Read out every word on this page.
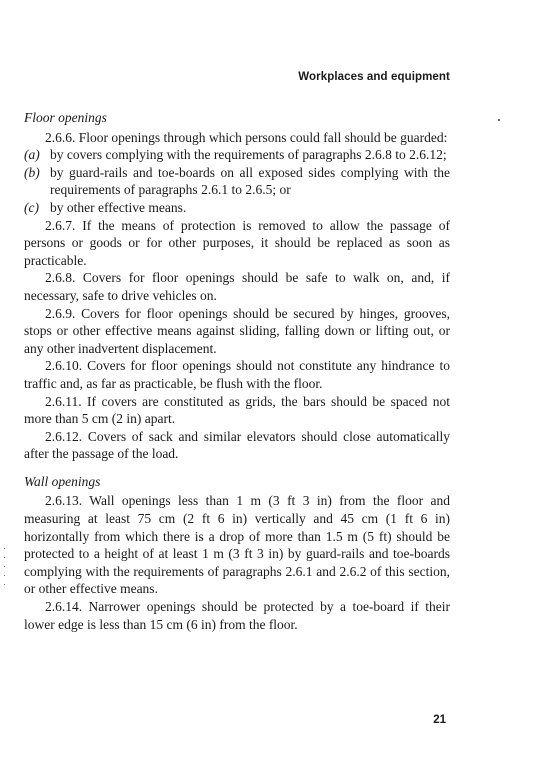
Workplaces and equipment

Floor openings

2.6.6. Floor openings through which persons could fall should be guarded:

(a) by covers complying with the requirements of paragraphs 2.6.8 to 2.6.12;

(b) by guard-rails and toe-boards on all exposed sides complying with the requirements of paragraphs 2.6.1 to 2.6.5; or

(c) by other effective means.

2.6.7. If the means of protection is removed to allow the passage of persons or goods or for other purposes, it should be replaced as soon as practicable.

2.6.8. Covers for floor openings should be safe to walk on, and, if necessary, safe to drive vehicles on.

2.6.9. Covers for floor openings should be secured by hinges, grooves, stops or other effective means against sliding, falling down or lifting out, or any other inadvertent displacement.

2.6.10. Covers for floor openings should not constitute any hindrance to traffic and, as far as practicable, be flush with the floor.

2.6.11. If covers are constituted as grids, the bars should be spaced not more than 5 cm (2 in) apart.

2.6.12. Covers of sack and similar elevators should close automatically after the passage of the load.

Wall openings

2.6.13. Wall openings less than 1 m (3 ft 3 in) from the floor and measuring at least 75 cm (2 ft 6 in) vertically and 45 cm (1 ft 6 in) horizontally from which there is a drop of more than 1.5 m (5 ft) should be protected to a height of at least 1 m (3 ft 3 in) by guard-rails and toe-boards complying with the requirements of paragraphs 2.6.1 and 2.6.2 of this section, or other effective means.

2.6.14. Narrower openings should be protected by a toe-board if their lower edge is less than 15 cm (6 in) from the floor.

21
